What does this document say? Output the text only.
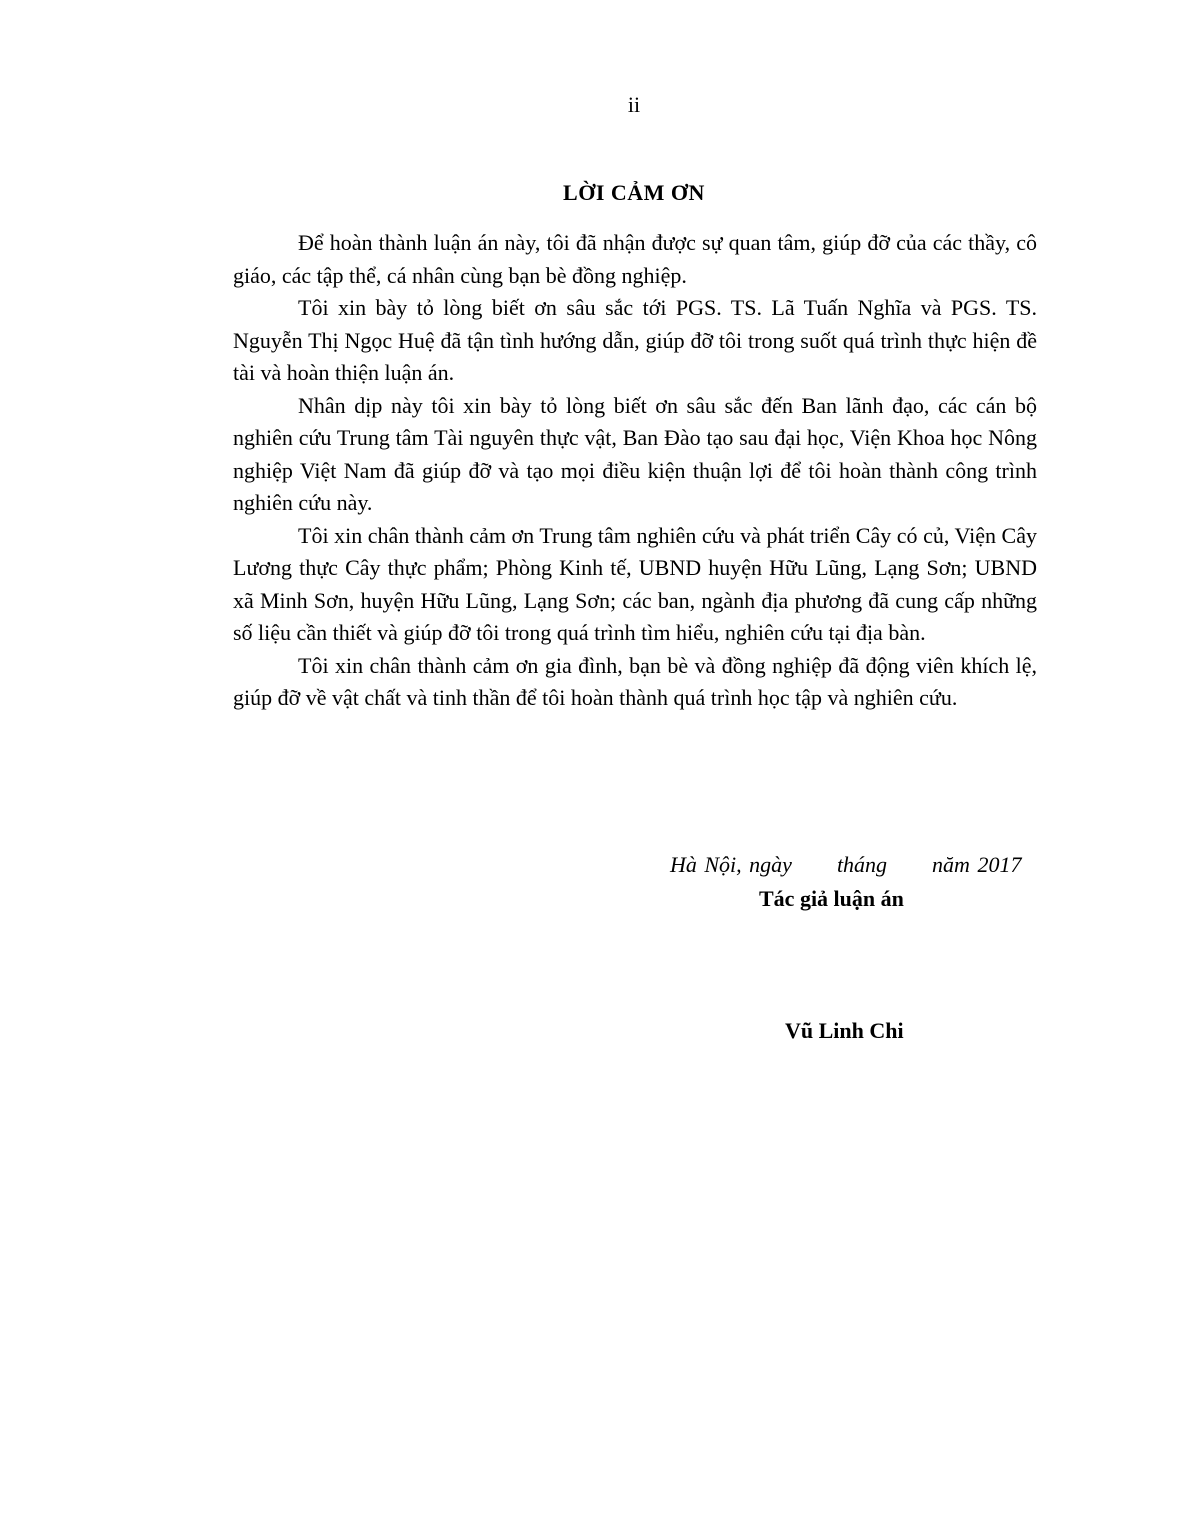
ii
LỜI CẢM ƠN

Để hoàn thành luận án này, tôi đã nhận được sự quan tâm, giúp đỡ của các thầy, cô giáo, các tập thể, cá nhân cùng bạn bè đồng nghiệp.

Tôi xin bày tỏ lòng biết ơn sâu sắc tới PGS. TS. Lã Tuấn Nghĩa và PGS. TS. Nguyễn Thị Ngọc Huệ đã tận tình hướng dẫn, giúp đỡ tôi trong suốt quá trình thực hiện đề tài và hoàn thiện luận án.

Nhân dịp này tôi xin bày tỏ lòng biết ơn sâu sắc đến Ban lãnh đạo, các cán bộ nghiên cứu Trung tâm Tài nguyên thực vật, Ban Đào tạo sau đại học, Viện Khoa học Nông nghiệp Việt Nam đã giúp đỡ và tạo mọi điều kiện thuận lợi để tôi hoàn thành công trình nghiên cứu này.

Tôi xin chân thành cảm ơn Trung tâm nghiên cứu và phát triển Cây có củ, Viện Cây Lương thực Cây thực phẩm; Phòng Kinh tế, UBND huyện Hữu Lũng, Lạng Sơn; UBND xã Minh Sơn, huyện Hữu Lũng, Lạng Sơn; các ban, ngành địa phương đã cung cấp những số liệu cần thiết và giúp đỡ tôi trong quá trình tìm hiểu, nghiên cứu tại địa bàn.

Tôi xin chân thành cảm ơn gia đình, bạn bè và đồng nghiệp đã động viên khích lệ, giúp đỡ về vật chất và tinh thần để tôi hoàn thành quá trình học tập và nghiên cứu.

Hà Nội, ngày      tháng      năm 2017
Tác giả luận án
Vũ Linh Chi
